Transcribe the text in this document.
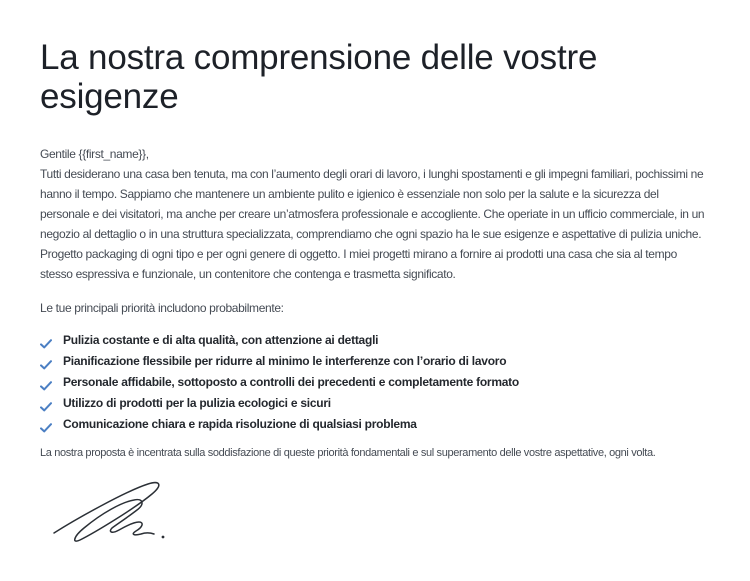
La nostra comprensione delle vostre esigenze

Gentile {{first_name}},

Tutti desiderano una casa ben tenuta, ma con l’aumento degli orari di lavoro, i lunghi spostamenti e gli impegni familiari, pochissimi ne hanno il tempo. Sappiamo che mantenere un ambiente pulito e igienico è essenziale non solo per la salute e la sicurezza del personale e dei visitatori, ma anche per creare un’atmosfera professionale e accogliente. Che operiate in un ufficio commerciale, in un negozio al dettaglio o in una struttura specializzata, comprendiamo che ogni spazio ha le sue esigenze e aspettative di pulizia uniche.

Progetto packaging di ogni tipo e per ogni genere di oggetto. I miei progetti mirano a fornire ai prodotti una casa che sia al tempo stesso espressiva e funzionale, un contenitore che contenga e trasmetta significato.

Le tue principali priorità includono probabilmente:

Pulizia costante e di alta qualità, con attenzione ai dettagli
Pianificazione flessibile per ridurre al minimo le interferenze con l’orario di lavoro
Personale affidabile, sottoposto a controlli dei precedenti e completamente formato
Utilizzo di prodotti per la pulizia ecologici e sicuri
Comunicazione chiara e rapida risoluzione di qualsiasi problema

La nostra proposta è incentrata sulla soddisfazione di queste priorità fondamentali e sul superamento delle vostre aspettative, ogni volta.
